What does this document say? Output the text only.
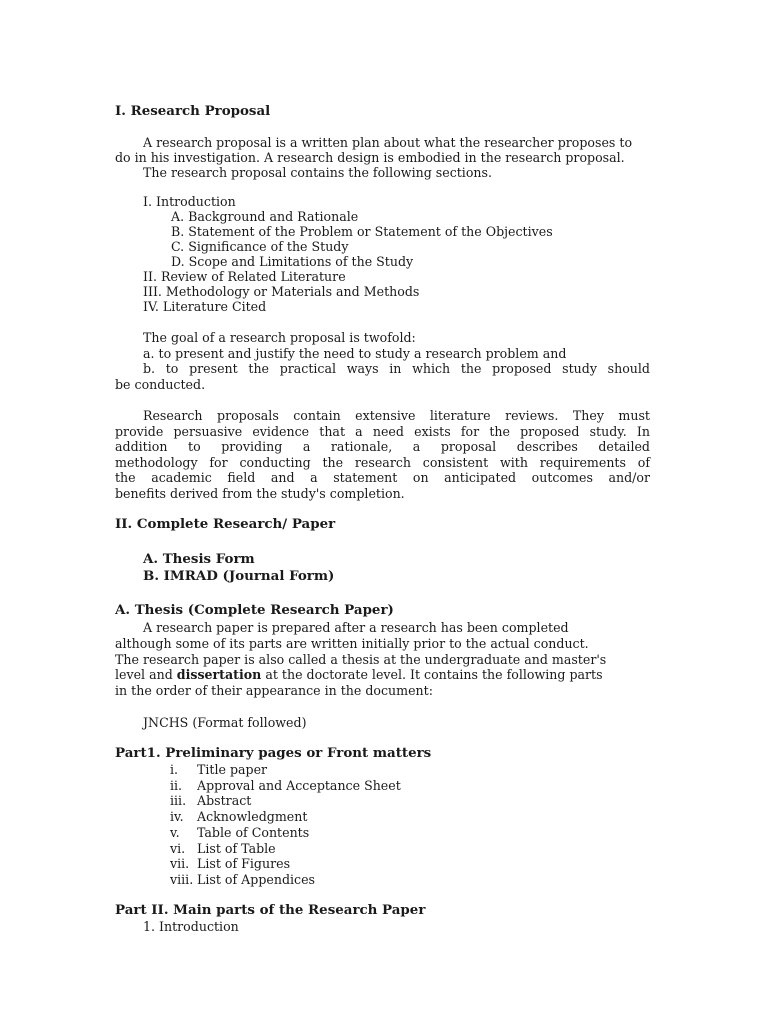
I. Research Proposal
A research proposal is a written plan about what the researcher proposes to
do in his investigation. A research design is embodied in the research proposal.
The research proposal contains the following sections.
I. Introduction
A. Background and Rationale
B. Statement of the Problem or Statement of the Objectives
C. Significance of the Study
D. Scope and Limitations of the Study
II. Review of Related Literature
III. Methodology or Materials and Methods
IV. Literature Cited
The goal of a research proposal is twofold:
a. to present and justify the need to study a research problem and
b. to present the practical ways in which the proposed study should
be conducted.
Research proposals contain extensive literature reviews. They must
provide persuasive evidence that a need exists for the proposed study. In
addition to providing a rationale, a proposal describes detailed
methodology for conducting the research consistent with requirements of
the academic field and a statement on anticipated outcomes and/or
benefits derived from the study's completion.
II. Complete Research/ Paper
A. Thesis Form
B. IMRAD (Journal Form)
A. Thesis (Complete Research Paper)
A research paper is prepared after a research has been completed
although some of its parts are written initially prior to the actual conduct.
The research paper is also called a thesis at the undergraduate and master's
level and dissertation at the doctorate level. It contains the following parts
in the order of their appearance in the document:
JNCHS (Format followed)
Part1. Preliminary pages or Front matters
i. Title paper
ii. Approval and Acceptance Sheet
iii. Abstract
iv. Acknowledgment
v. Table of Contents
vi. List of Table
vii. List of Figures
viii. List of Appendices
Part II. Main parts of the Research Paper
1. Introduction
